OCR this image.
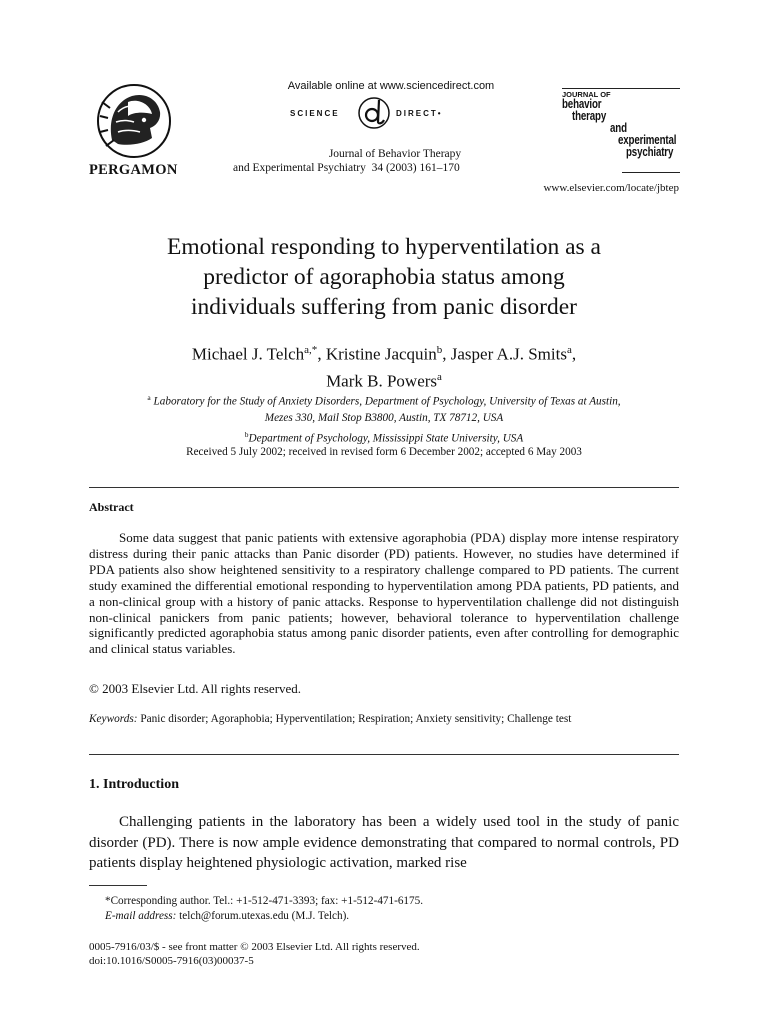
PERGAMON
Available online at www.sciencedirect.com
SCIENCE	DIRECT•
Journal of Behavior Therapy
and Experimental Psychiatry  34 (2003) 161–170
JOURNAL OF
behavior
therapy
and
experimental
psychiatry
www.elsevier.com/locate/jbtep
Emotional responding to hyperventilation as a
predictor of agoraphobia status among
individuals suffering from panic disorder
Michael J. Telch$^{a,*}$, Kristine Jacquin$^b$, Jasper A.J. Smits$^a$,
Mark B. Powers$^a$
$^a$ Laboratory for the Study of Anxiety Disorders, Department of Psychology, University of Texas at Austin,
Mezes 330, Mail Stop B3800, Austin, TX 78712, USA
$^b$Department of Psychology, Mississippi State University, USA
Received 5 July 2002; received in revised form 6 December 2002; accepted 6 May 2003
Abstract
Some data suggest that panic patients with extensive agoraphobia (PDA) display more intense respiratory distress during their panic attacks than Panic disorder (PD) patients. However, no studies have determined if PDA patients also show heightened sensitivity to a respiratory challenge compared to PD patients. The current study examined the differential emotional responding to hyperventilation among PDA patients, PD patients, and a non-clinical group with a history of panic attacks. Response to hyperventilation challenge did not distinguish non-clinical panickers from panic patients; however, behavioral tolerance to hyperventilation challenge significantly predicted agoraphobia status among panic disorder patients, even after controlling for demographic and clinical status variables.
© 2003 Elsevier Ltd. All rights reserved.
Keywords: Panic disorder; Agoraphobia; Hyperventilation; Respiration; Anxiety sensitivity; Challenge test
1. Introduction
Challenging patients in the laboratory has been a widely used tool in the study of panic disorder (PD). There is now ample evidence demonstrating that compared to normal controls, PD patients display heightened physiologic activation, marked rise
*Corresponding author. Tel.: +1-512-471-3393; fax: +1-512-471-6175.
E-mail address: telch@forum.utexas.edu (M.J. Telch).
0005-7916/03/$ - see front matter © 2003 Elsevier Ltd. All rights reserved.
doi:10.1016/S0005-7916(03)00037-5
